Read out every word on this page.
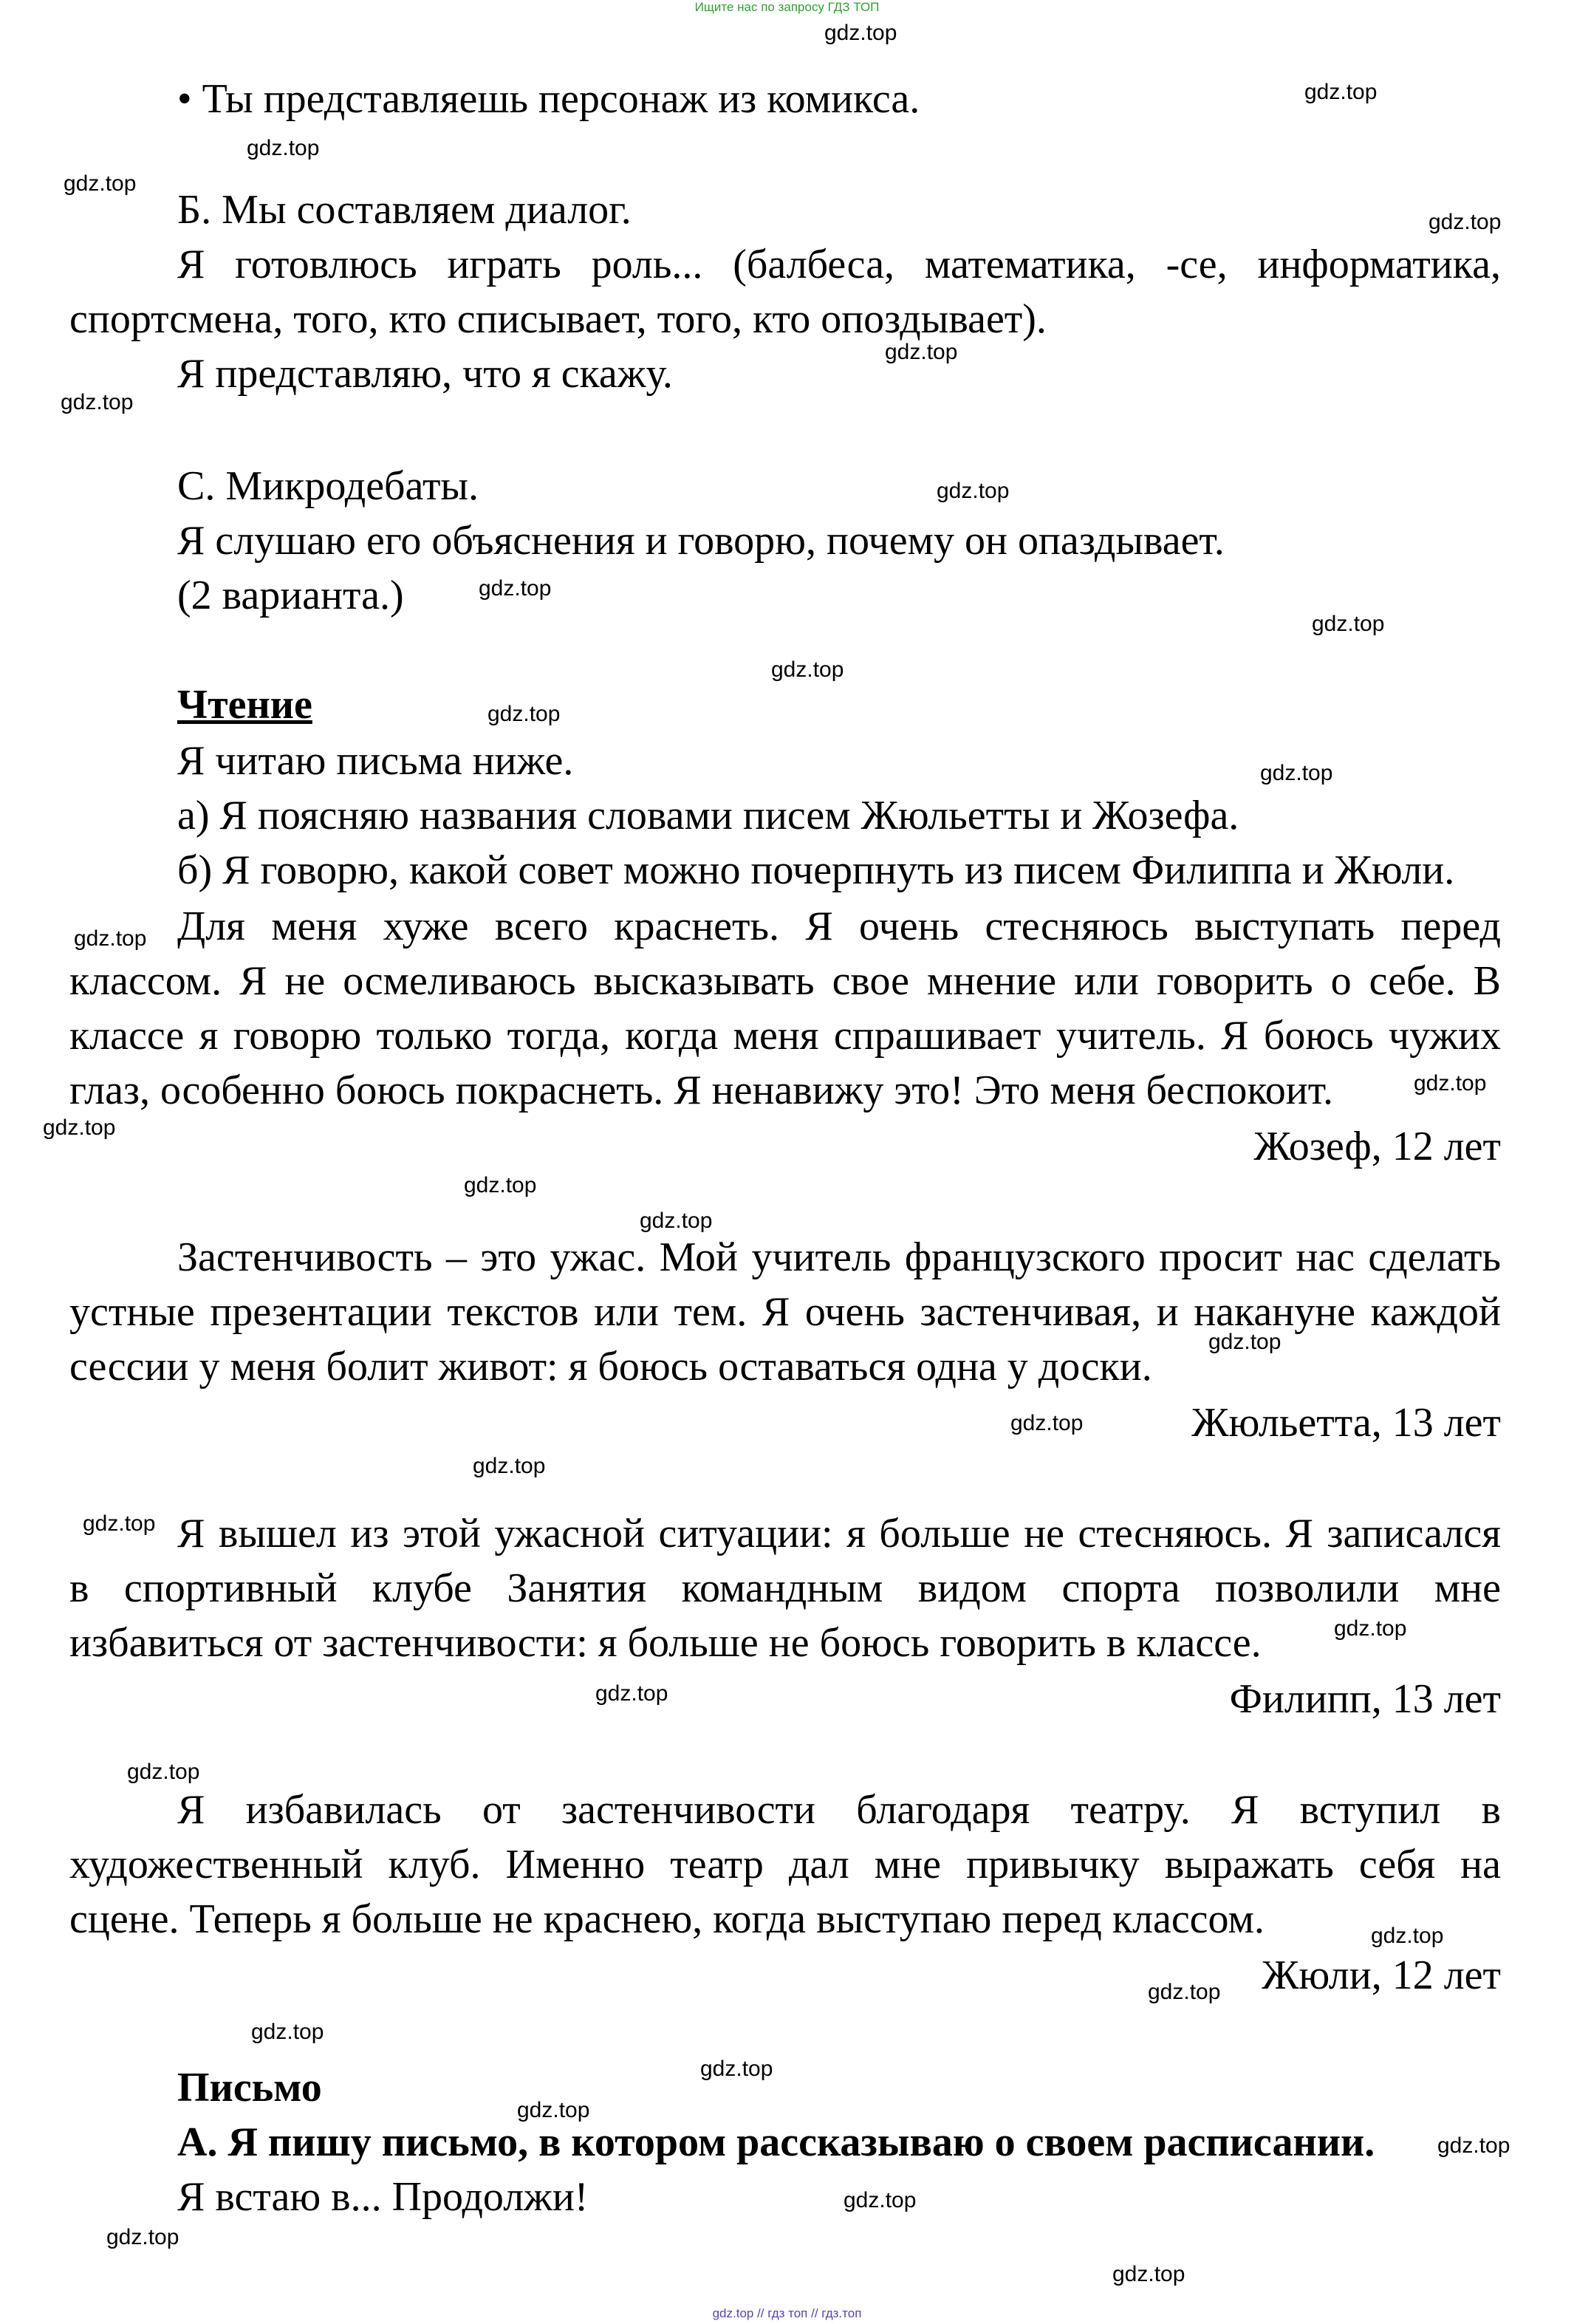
Ищите нас по запросу ГДЗ ТОП
• Ты представляешь персонаж из комикса.
Б. Мы составляем диалог.
Я готовлюсь играть роль... (балбеса, математика, -се, информатика,
спортсмена, того, кто списывает, того, кто опоздывает).
Я представляю, что я скажу.
С. Микродебаты.
Я слушаю его объяснения и говорю, почему он опаздывает.
(2 варианта.)
Чтение
Я читаю письма ниже.
а) Я поясняю названия словами писем Жюльетты и Жозефа.
б) Я говорю, какой совет можно почерпнуть из писем Филиппа и Жюли.
Для меня хуже всего краснеть. Я очень стесняюсь выступать перед
классом. Я не осмеливаюсь высказывать свое мнение или говорить о себе. В
классе я говорю только тогда, когда меня спрашивает учитель. Я боюсь чужих
глаз, особенно боюсь покраснеть. Я ненавижу это! Это меня беспокоит.
Жозеф, 12 лет
Застенчивость – это ужас. Мой учитель французского просит нас сделать
устные презентации текстов или тем. Я очень застенчивая, и накануне каждой
сессии у меня болит живот: я боюсь оставаться одна у доски.
Жюльетта, 13 лет
Я вышел из этой ужасной ситуации: я больше не стесняюсь. Я записался
в спортивный клубе Занятия командным видом спорта позволили мне
избавиться от застенчивости: я больше не боюсь говорить в классе.
Филипп, 13 лет
Я избавилась от застенчивости благодаря театру. Я вступил в
художественный клуб. Именно театр дал мне привычку выражать себя на
сцене. Теперь я больше не краснею, когда выступаю перед классом.
Жюли, 12 лет
Письмо
А. Я пишу письмо, в котором рассказываю о своем расписании.
Я встаю в... Продолжи!
gdz.top
gdz.top
gdz.top
gdz.top
gdz.top
gdz.top
gdz.top
gdz.top
gdz.top
gdz.top
gdz.top
gdz.top
gdz.top
gdz.top
gdz.top
gdz.top
gdz.top
gdz.top
gdz.top
gdz.top
gdz.top
gdz.top
gdz.top
gdz.top
gdz.top
gdz.top
gdz.top
gdz.top
gdz.top
gdz.top
gdz.top
gdz.top
gdz.top
gdz.top
gdz.top // гдз топ // гдз.топ
